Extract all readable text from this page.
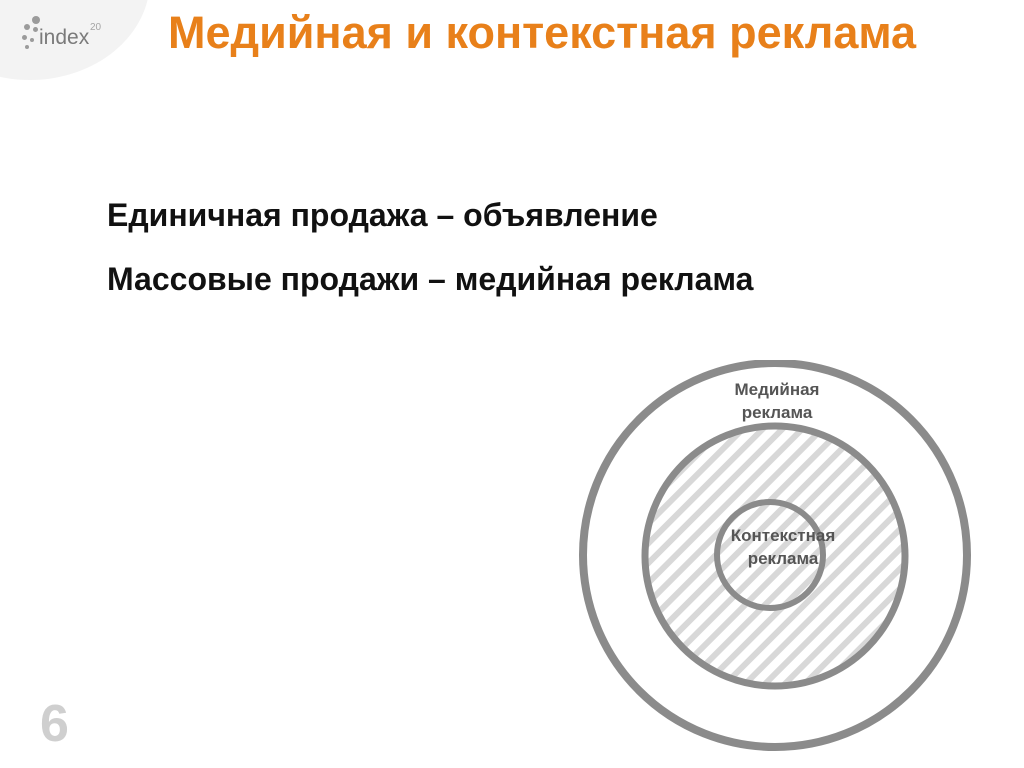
index 20 Медийная и контекстная реклама

Единичная продажа – объявление

Массовые продажи – медийная реклама

Медийная
реклама
Контекстная
реклама
6
